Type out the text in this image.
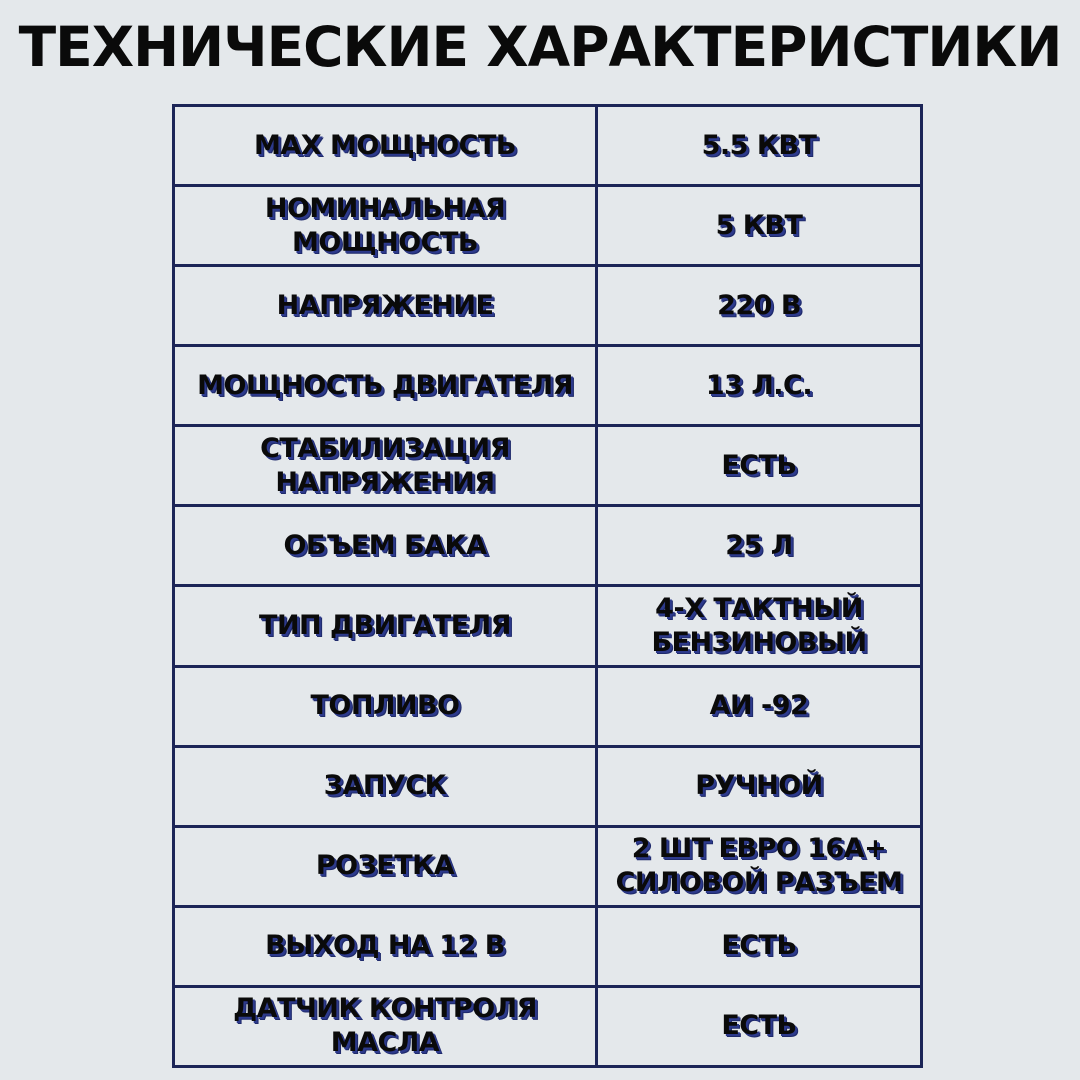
ТЕХНИЧЕСКИЕ ХАРАКТЕРИСТИКИ
MAX МОЩНОСТЬ	5.5 КВТ
НОМИНАЛЬНАЯ МОЩНОСТЬ	5 КВТ
НАПРЯЖЕНИЕ	220 В
МОЩНОСТЬ ДВИГАТЕЛЯ	13 Л.С.
СТАБИЛИЗАЦИЯ НАПРЯЖЕНИЯ	ЕСТЬ
ОБЪЕМ БАКА	25 Л
ТИП ДВИГАТЕЛЯ	4-Х ТАКТНЫЙ БЕНЗИНОВЫЙ
ТОПЛИВО	АИ -92
ЗАПУСК	РУЧНОЙ
РОЗЕТКА	2 ШТ ЕВРО 16А+ СИЛОВОЙ РАЗЪЕМ
ВЫХОД НА 12 В	ЕСТЬ
ДАТЧИК КОНТРОЛЯ МАСЛА	ЕСТЬ
